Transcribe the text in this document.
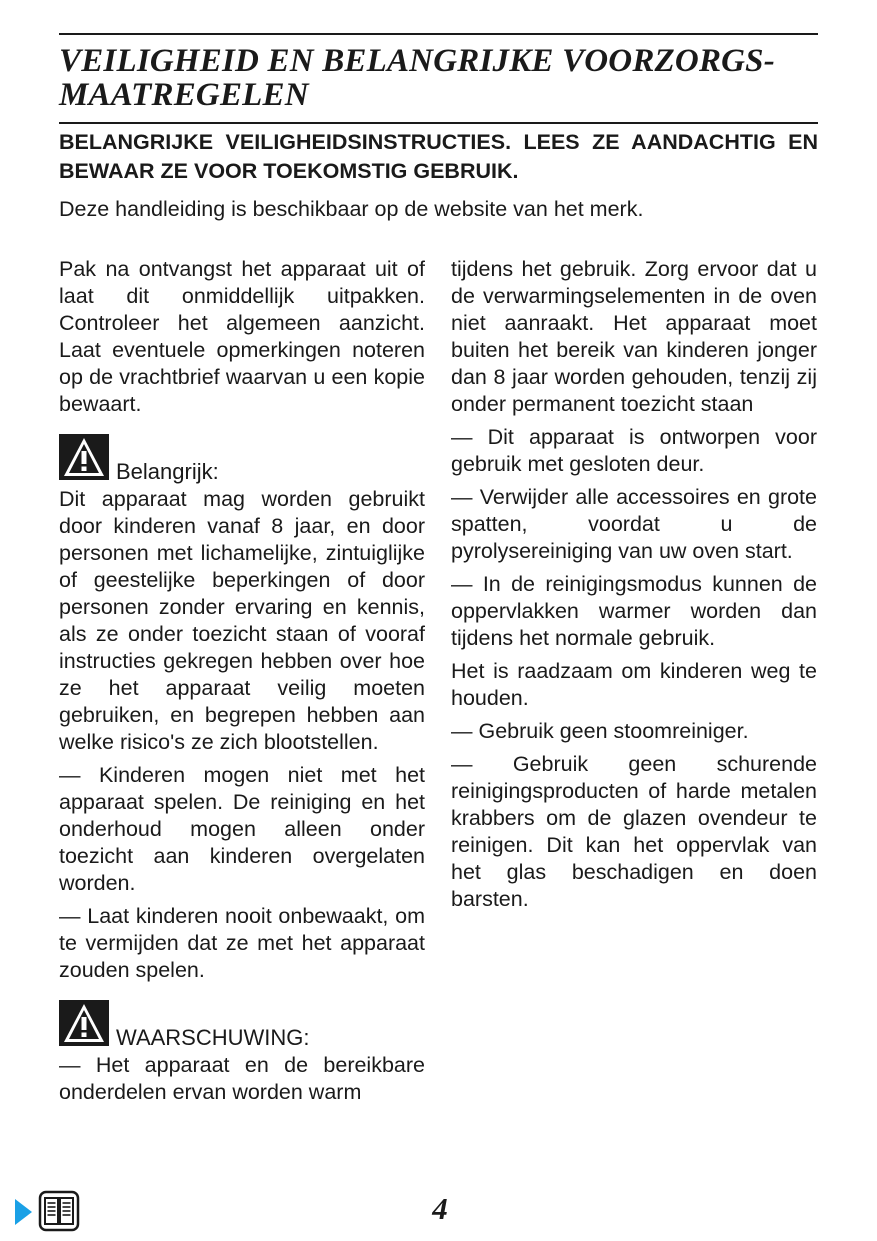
VEILIGHEID EN BELANGRIJKE VOORZORGS-MAATREGELEN

BELANGRIJKE VEILIGHEIDSINSTRUCTIES. LEES ZE AANDACHTIG EN BEWAAR ZE VOOR TOEKOMSTIG GEBRUIK.

Deze handleiding is beschikbaar op de website van het merk.

Pak na ontvangst het apparaat uit of laat dit onmiddellijk uitpakken. Controleer het algemeen aanzicht. Laat eventuele opmerkingen noteren op de vrachtbrief waarvan u een kopie bewaart.

Belangrijk:

Dit apparaat mag worden gebruikt door kinderen vanaf 8 jaar, en door personen met lichamelijke, zintuiglijke of geestelijke beperkingen of door personen zonder ervaring en kennis, als ze onder toezicht staan of vooraf instructies gekregen hebben over hoe ze het apparaat veilig moeten gebruiken, en begrepen hebben aan welke risico's ze zich blootstellen.

— Kinderen mogen niet met het apparaat spelen. De reiniging en het onderhoud mogen alleen onder toezicht aan kinderen overgelaten worden.

— Laat kinderen nooit onbewaakt, om te vermijden dat ze met het apparaat zouden spelen.

WAARSCHUWING:

— Het apparaat en de bereikbare onderdelen ervan worden warm

tijdens het gebruik. Zorg ervoor dat u de verwarmingselementen in de oven niet aanraakt. Het apparaat moet buiten het bereik van kinderen jonger dan 8 jaar worden gehouden, tenzij zij onder permanent toezicht staan

— Dit apparaat is ontworpen voor gebruik met gesloten deur.

— Verwijder alle accessoires en grote spatten, voordat u de pyrolysereiniging van uw oven start.

— In de reinigingsmodus kunnen de oppervlakken warmer worden dan tijdens het normale gebruik.

Het is raadzaam om kinderen weg te houden.

— Gebruik geen stoomreiniger.

— Gebruik geen schurende reinigingsproducten of harde metalen krabbers om de glazen ovendeur te reinigen. Dit kan het oppervlak van het glas beschadigen en doen barsten.

4
